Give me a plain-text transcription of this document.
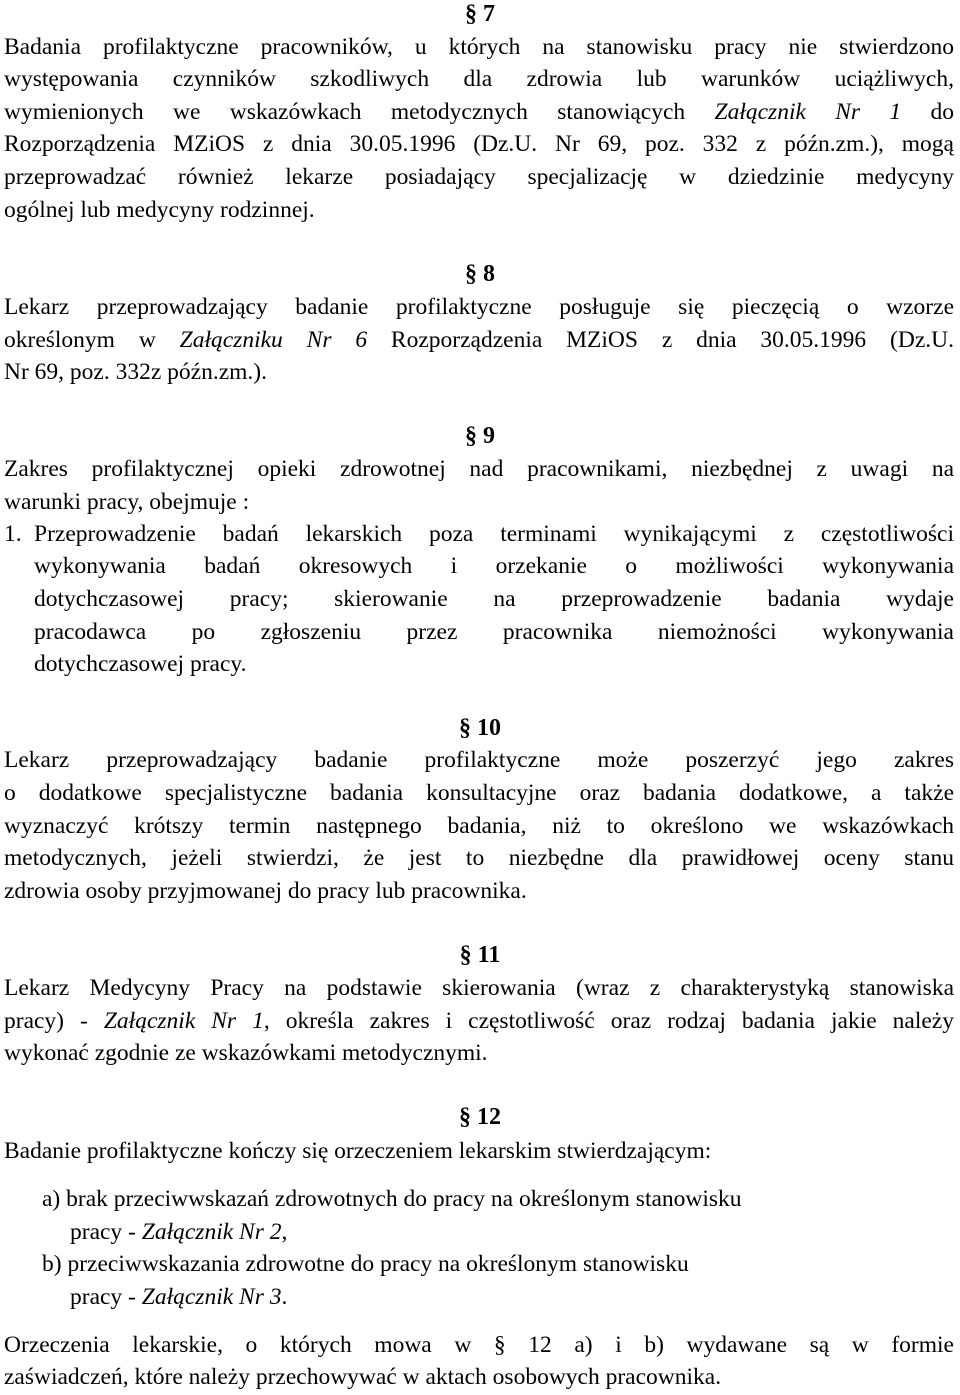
§ 7
Badania profilaktyczne pracowników, u których na stanowisku pracy nie stwierdzono
występowania czynników szkodliwych dla zdrowia lub warunków uciążliwych,
wymienionych we wskazówkach metodycznych stanowiących Załącznik Nr 1 do
Rozporządzenia MZiOS z dnia 30.05.1996 (Dz.U. Nr 69, poz. 332 z późn.zm.), mogą
przeprowadzać również lekarze posiadający specjalizację w dziedzinie medycyny
ogólnej lub medycyny rodzinnej.
§ 8
Lekarz przeprowadzający badanie profilaktyczne posługuje się pieczęcią o wzorze
określonym w Załączniku Nr 6 Rozporządzenia MZiOS z dnia 30.05.1996 (Dz.U.
Nr 69, poz. 332z późn.zm.).
§ 9
Zakres profilaktycznej opieki zdrowotnej nad pracownikami, niezbędnej z uwagi na
warunki pracy, obejmuje :
1. Przeprowadzenie badań lekarskich poza terminami wynikającymi z częstotliwości
wykonywania badań okresowych i orzekanie o możliwości wykonywania
dotychczasowej pracy; skierowanie na przeprowadzenie badania wydaje
pracodawca po zgłoszeniu przez pracownika niemożności wykonywania
dotychczasowej pracy.
§ 10
Lekarz przeprowadzający badanie profilaktyczne może poszerzyć jego zakres
o dodatkowe specjalistyczne badania konsultacyjne oraz badania dodatkowe, a także
wyznaczyć krótszy termin następnego badania, niż to określono we wskazówkach
metodycznych, jeżeli stwierdzi, że jest to niezbędne dla prawidłowej oceny stanu
zdrowia osoby przyjmowanej do pracy lub pracownika.
§ 11
Lekarz Medycyny Pracy na podstawie skierowania (wraz z charakterystyką stanowiska
pracy) - Załącznik Nr 1, określa zakres i częstotliwość oraz rodzaj badania jakie należy
wykonać zgodnie ze wskazówkami metodycznymi.
§ 12
Badanie profilaktyczne kończy się orzeczeniem lekarskim stwierdzającym:
a) brak przeciwwskazań zdrowotnych do pracy na określonym stanowisku
pracy - Załącznik Nr 2,
b) przeciwwskazania zdrowotne do pracy na określonym stanowisku
pracy - Załącznik Nr 3.
Orzeczenia lekarskie, o których mowa w § 12 a) i b) wydawane są w formie
zaświadczeń, które należy przechowywać w aktach osobowych pracownika.
